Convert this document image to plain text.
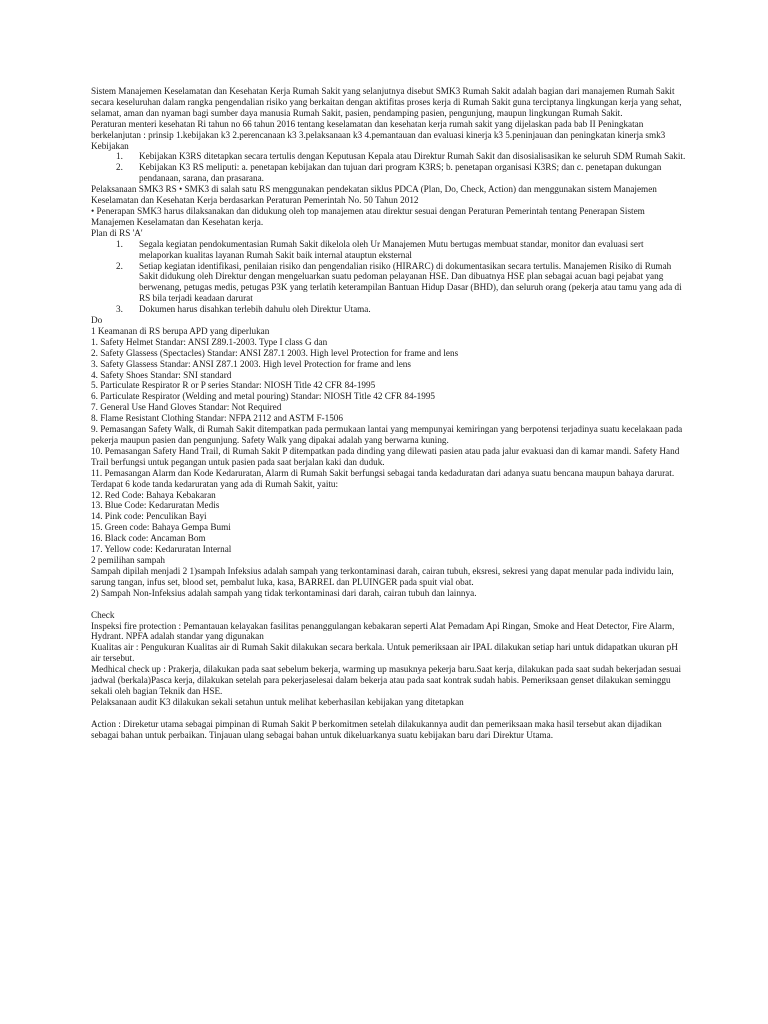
Sistem Manajemen Keselamatan dan Kesehatan Kerja Rumah Sakit yang selanjutnya disebut SMK3 Rumah Sakit adalah bagian dari manajemen Rumah Sakit secara keseluruhan dalam rangka pengendalian risiko yang berkaitan dengan aktifitas proses kerja di Rumah Sakit guna terciptanya lingkungan kerja yang sehat, selamat, aman dan nyaman bagi sumber daya manusia Rumah Sakit, pasien, pendamping pasien, pengunjung, maupun lingkungan Rumah Sakit.

Peraturan menteri kesehatan Ri tahun no 66 tahun 2016 tentang keselamatan dan kesehatan kerja rumah sakit yang dijelaskan pada bab II Peningkatan berkelanjutan : prinsip 1.kebijakan k3 2.perencanaan k3 3.pelaksanaan k3 4.pemantauan dan evaluasi kinerja k3 5.peninjauan dan peningkatan kinerja smk3

Kebijakan

1.	Kebijakan K3RS ditetapkan secara tertulis dengan Keputusan Kepala atau Direktur Rumah Sakit dan disosialisasikan ke seluruh SDM Rumah Sakit.
2.	Kebijakan K3 RS meliputi: a. penetapan kebijakan dan tujuan dari program K3RS; b. penetapan organisasi K3RS; dan c. penetapan dukungan pendanaan, sarana, dan prasarana.

Pelaksanaan SMK3 RS • SMK3 di salah satu RS menggunakan pendekatan siklus PDCA (Plan, Do, Check, Action) dan menggunakan sistem Manajemen Keselamatan dan Kesehatan Kerja berdasarkan Peraturan Pemerintah No. 50 Tahun 2012

• Penerapan SMK3 harus dilaksanakan dan didukung oleh top manajemen atau direktur sesuai dengan Peraturan Pemerintah tentang Penerapan Sistem Manajemen Keselamatan dan Kesehatan kerja.

Plan di RS 'A'

1.	Segala kegiatan pendokumentasian Rumah Sakit dikelola oleh Ur Manajemen Mutu bertugas membuat standar, monitor dan evaluasi sert melaporkan kualitas layanan Rumah Sakit baik internal atauptun eksternal
2.	Setiap kegiatan identifikasi, penilaian risiko dan pengendalian risiko (HIRARC) di dokumentasikan secara tertulis. Manajemen Risiko di Rumah Sakit didukung oleh Direktur dengan mengeluarkan suatu pedoman pelayanan HSE. Dan dibuatnya HSE plan sebagai acuan bagi pejabat yang berwenang, petugas medis, petugas P3K yang terlatih keterampilan Bantuan Hidup Dasar (BHD), dan seluruh orang (pekerja atau tamu yang ada di RS bila terjadi keadaan darurat
3.	Dokumen harus disahkan terlebih dahulu oleh Direktur Utama.

Do

1 Keamanan di RS berupa APD yang diperlukan

1. Safety Helmet Standar: ANSI Z89.1-2003. Type I class G dan

2. Safety Glassess (Spectacles) Standar: ANSI Z87.1 2003. High level Protection for frame and lens

3. Safety Glassess Standar: ANSI Z87.1 2003. High level Protection for frame and lens

4. Safety Shoes Standar: SNI standard

5. Particulate Respirator R or P series Standar: NIOSH Title 42 CFR 84-1995

6. Particulate Respirator (Welding and metal pouring) Standar: NIOSH Title 42 CFR 84-1995

7. General Use Hand Gloves Standar: Not Required

8. Flame Resistant Clothing Standar: NFPA 2112 and ASTM F-1506

9. Pemasangan Safety Walk, di Rumah Sakit ditempatkan pada permukaan lantai yang mempunyai kemiringan yang berpotensi terjadinya suatu kecelakaan pada pekerja maupun pasien dan pengunjung. Safety Walk yang dipakai adalah yang berwarna kuning.

10. Pemasangan Safety Hand Trail, di Rumah Sakit P ditempatkan pada dinding yang dilewati pasien atau pada jalur evakuasi dan di kamar mandi. Safety Hand Trail berfungsi untuk pegangan untuk pasien pada saat berjalan kaki dan duduk.

11. Pemasangan Alarm dan Kode Kedaruratan, Alarm di Rumah Sakit berfungsi sebagai tanda kedaduratan dari adanya suatu bencana maupun bahaya darurat. Terdapat 6 kode tanda kedaruratan yang ada di Rumah Sakit, yaitu:

12. Red Code: Bahaya Kebakaran

13. Blue Code: Kedaruratan Medis

14. Pink code: Penculikan Bayi

15. Green code: Bahaya Gempa Bumi

16. Black code: Ancaman Bom

17. Yellow code: Kedaruratan Internal

2 pemilihan sampah

Sampah dipilah menjadi 2 1)sampah Infeksius adalah sampah yang terkontaminasi darah, cairan tubuh, eksresi, sekresi yang dapat menular pada individu lain, sarung tangan, infus set, blood set, pembalut luka, kasa, BARREL dan PLUINGER pada spuit vial obat.

2) Sampah Non-Infeksius adalah sampah yang tidak terkontaminasi dari darah, cairan tubuh dan lainnya.

Check

Inspeksi fire protection : Pemantauan kelayakan fasilitas penanggulangan kebakaran seperti Alat Pemadam Api Ringan, Smoke and Heat Detector, Fire Alarm, Hydrant. NPFA adalah standar yang digunakan

Kualitas air : Pengukuran Kualitas air di Rumah Sakit dilakukan secara berkala. Untuk pemeriksaan air IPAL dilakukan setiap hari untuk didapatkan ukuran pH air tersebut.

Medhical check up : Prakerja, dilakukan pada saat sebelum bekerja, warming up masuknya pekerja baru.Saat kerja, dilakukan pada saat sudah bekerjadan sesuai jadwal (berkala)Pasca kerja, dilakukan setelah para pekerjaselesai dalam bekerja atau pada saat kontrak sudah habis. Pemeriksaan genset dilakukan seminggu sekali oleh bagian Teknik dan HSE.

Pelaksanaan audit K3 dilakukan sekali setahun untuk melihat keberhasilan kebijakan yang ditetapkan

Action : Direketur utama sebagai pimpinan di Rumah Sakit P berkomitmen setelah dilakukannya audit dan pemeriksaan maka hasil tersebut akan dijadikan sebagai bahan untuk perbaikan. Tinjauan ulang sebagai bahan untuk dikeluarkanya suatu kebijakan baru dari Direktur Utama.
